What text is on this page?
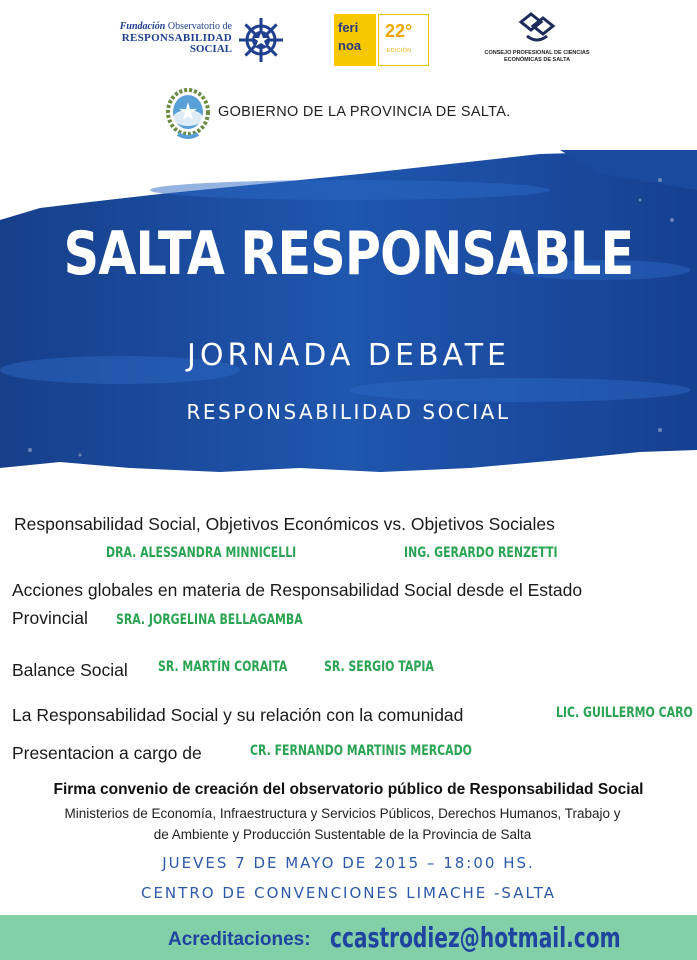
Fundación Observatorio de
RESPONSABILIDAD
SOCIAL
feri
noa
22°
EDICIÓN	CONSEJO PROFESIONAL DE CIENCIAS ECONÓMICAS DE SALTA
GOBIERNO DE LA PROVINCIA DE SALTA.
SALTA RESPONSABLE
JORNADA DEBATE
RESPONSABILIDAD SOCIAL
Responsabilidad Social, Objetivos Económicos vs. Objetivos Sociales
DRA. ALESSANDRA MINNICELLI	ING. GERARDO RENZETTI
Acciones globales en materia de Responsabilidad Social desde el Estado
Provincial SRA. JORGELINA BELLAGAMBA
Balance Social SR. MARTÍN CORAITA	SR. SERGIO TAPIA
La Responsabilidad Social y su relación con la comunidad	LIC. GUILLERMO CARO
Presentacion a cargo de	CR. FERNANDO MARTINIS MERCADO
Firma convenio de creación del observatorio público de Responsabilidad Social
Ministerios de Economía, Infraestructura y Servicios Públicos, Derechos Humanos, Trabajo y
de Ambiente y Producción Sustentable de la Provincia de Salta
JUEVES 7 DE MAYO DE 2015 – 18:00 HS.
CENTRO DE CONVENCIONES LIMACHE -SALTA
Acreditaciones: ccastrodiez@hotmail.com
